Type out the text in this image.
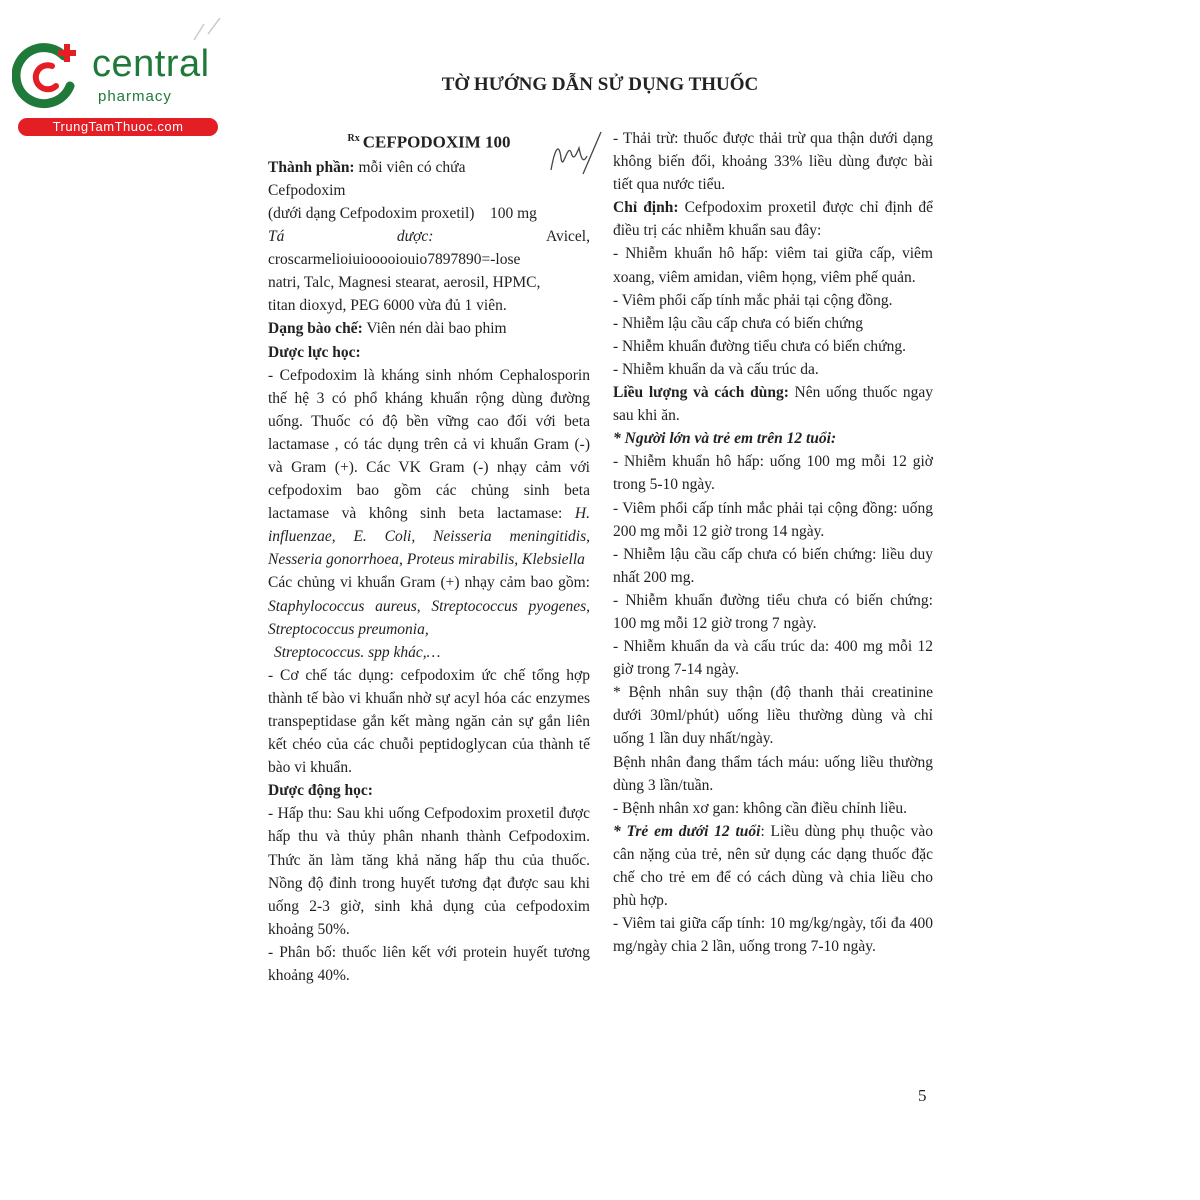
central
pharmacy
TrungTamThuoc.com
TỜ HƯỚNG DẪN SỬ DỤNG THUỐC

$^{Rx}$ CEFPODOXIM 100

Thành phần: mỗi viên có chứa

Cefpodoxim

(dưới dạng Cefpodoxim proxetil) 100 mg

Tá	dược:	Avicel,

croscarmelioiuiooooiouio7897890=-lose

natri, Talc, Magnesi stearat, aerosil, HPMC,

titan dioxyd, PEG 6000 vừa đủ 1 viên.

Dạng bào chế: Viên nén dài bao phim

Dược lực học:

- Cefpodoxim là kháng sinh nhóm Cephalosporin thế hệ 3 có phổ kháng khuẩn rộng dùng đường uống. Thuốc có độ bền vững cao đối với beta lactamase , có tác dụng trên cả vi khuẩn Gram (-) và Gram (+). Các VK Gram (-) nhạy cảm với cefpodoxim bao gồm các chủng sinh beta lactamase và không sinh beta lactamase: H. influenzae, E. Coli, Neisseria meningitidis, Nesseria gonorrhoea, Proteus mirabilis, Klebsiella

Các chủng vi khuẩn Gram (+) nhạy cảm bao gồm: Staphylococcus aureus, Streptococcus pyogenes, Streptococcus preumonia,

Streptococcus. spp khác,…

- Cơ chế tác dụng: cefpodoxim ức chế tổng hợp thành tế bào vi khuẩn nhờ sự acyl hóa các enzymes transpeptidase gắn kết màng ngăn cản sự gắn liên kết chéo của các chuỗi peptidoglycan của thành tế bào vi khuẩn.

Dược động học:

- Hấp thu: Sau khi uống Cefpodoxim proxetil được hấp thu và thủy phân nhanh thành Cefpodoxim. Thức ăn làm tăng khả năng hấp thu của thuốc. Nồng độ đỉnh trong huyết tương đạt được sau khi uống 2-3 giờ, sinh khả dụng của cefpodoxim khoảng 50%.

- Phân bố: thuốc liên kết với protein huyết tương khoảng 40%.

- Thải trừ: thuốc được thải trừ qua thận dưới dạng không biến đổi, khoảng 33% liều dùng được bài tiết qua nước tiểu.

Chỉ định: Cefpodoxim proxetil được chỉ định để điều trị các nhiễm khuẩn sau đây:

- Nhiễm khuẩn hô hấp: viêm tai giữa cấp, viêm xoang, viêm amidan, viêm họng, viêm phế quản.

- Viêm phổi cấp tính mắc phải tại cộng đồng.

- Nhiễm lậu cầu cấp chưa có biến chứng

- Nhiễm khuẩn đường tiểu chưa có biến chứng.

- Nhiễm khuẩn da và cấu trúc da.

Liều lượng và cách dùng: Nên uống thuốc ngay sau khi ăn.

* Người lớn và trẻ em trên 12 tuổi:

- Nhiễm khuẩn hô hấp: uống 100 mg mỗi 12 giờ trong 5-10 ngày.

- Viêm phổi cấp tính mắc phải tại cộng đồng: uống 200 mg mỗi 12 giờ trong 14 ngày.

- Nhiễm lậu cầu cấp chưa có biến chứng: liều duy nhất 200 mg.

- Nhiễm khuẩn đường tiểu chưa có biến chứng: 100 mg mỗi 12 giờ trong 7 ngày.

- Nhiễm khuẩn da và cấu trúc da: 400 mg mỗi 12 giờ trong 7-14 ngày.

* Bệnh nhân suy thận (độ thanh thải creatinine dưới 30ml/phút) uống liều thường dùng và chỉ uống 1 lần duy nhất/ngày.

Bệnh nhân đang thẩm tách máu: uống liều thường dùng 3 lần/tuần.

- Bệnh nhân xơ gan: không cần điều chỉnh liều.

* Trẻ em dưới 12 tuổi: Liều dùng phụ thuộc vào cân nặng của trẻ, nên sử dụng các dạng thuốc đặc chế cho trẻ em để có cách dùng và chia liều cho phù hợp.

- Viêm tai giữa cấp tính: 10 mg/kg/ngày, tối đa 400 mg/ngày chia 2 lần, uống trong 7-10 ngày.

5
